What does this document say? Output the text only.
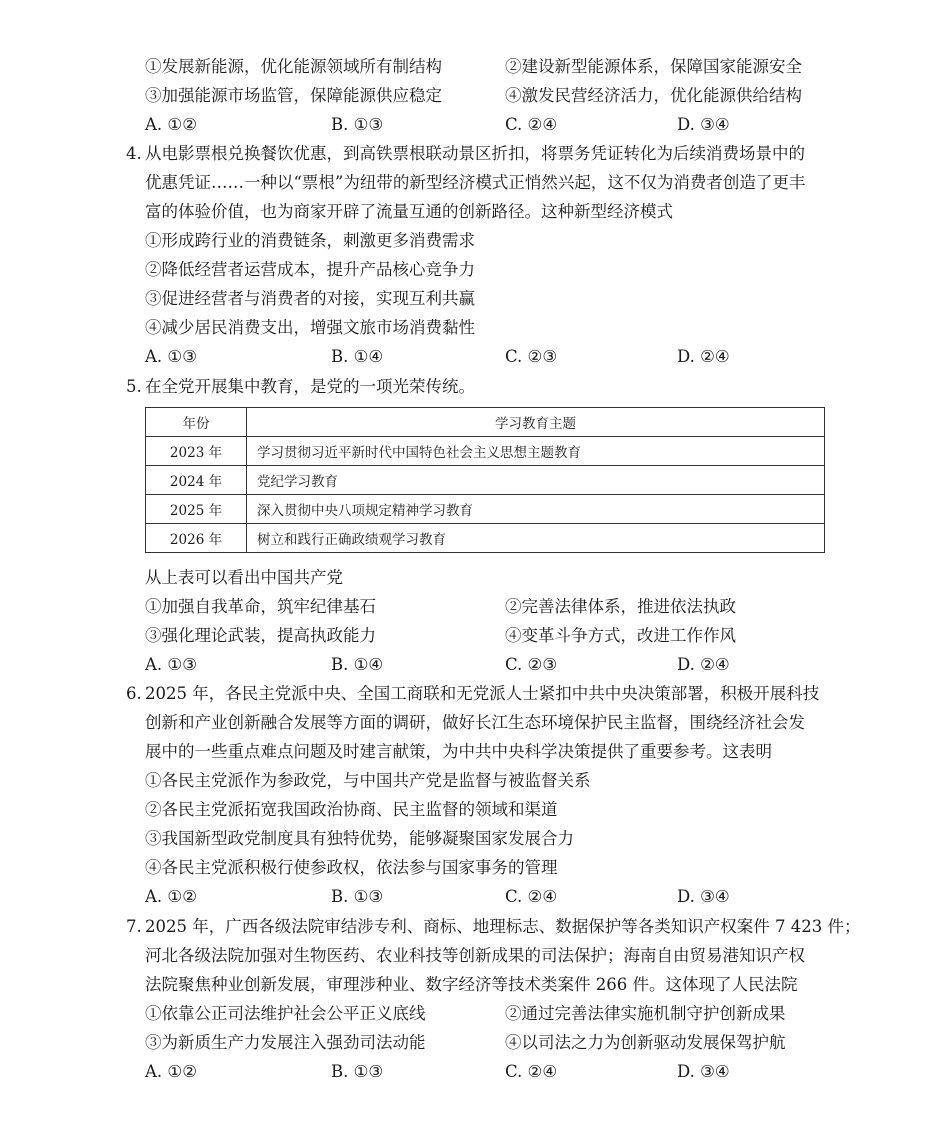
①发展新能源，优化能源领域所有制结构	②建设新型能源体系，保障国家能源安全
③加强能源市场监管，保障能源供应稳定	④激发民营经济活力，优化能源供给结构
A. ①②	B. ①③	C. ②④	D. ③④
4. 从电影票根兑换餐饮优惠，到高铁票根联动景区折扣，将票务凭证转化为后续消费场景中的
优惠凭证……一种以“票根”为纽带的新型经济模式正悄然兴起，这不仅为消费者创造了更丰
富的体验价值，也为商家开辟了流量互通的创新路径。这种新型经济模式
①形成跨行业的消费链条，刺激更多消费需求
②降低经营者运营成本，提升产品核心竞争力
③促进经营者与消费者的对接，实现互利共赢
④减少居民消费支出，增强文旅市场消费黏性
A. ①③	B. ①④	C. ②③	D. ②④
5. 在全党开展集中教育，是党的一项光荣传统。
年份	学习教育主题
2023 年	学习贯彻习近平新时代中国特色社会主义思想主题教育
2024 年	党纪学习教育
2025 年	深入贯彻中央八项规定精神学习教育
2026 年	树立和践行正确政绩观学习教育
从上表可以看出中国共产党
①加强自我革命，筑牢纪律基石	②完善法律体系，推进依法执政
③强化理论武装，提高执政能力	④变革斗争方式，改进工作作风
A. ①③	B. ①④	C. ②③	D. ②④
6. 2025 年，各民主党派中央、全国工商联和无党派人士紧扣中共中央决策部署，积极开展科技
创新和产业创新融合发展等方面的调研，做好长江生态环境保护民主监督，围绕经济社会发
展中的一些重点难点问题及时建言献策，为中共中央科学决策提供了重要参考。这表明
①各民主党派作为参政党，与中国共产党是监督与被监督关系
②各民主党派拓宽我国政治协商、民主监督的领域和渠道
③我国新型政党制度具有独特优势，能够凝聚国家发展合力
④各民主党派积极行使参政权，依法参与国家事务的管理
A. ①②	B. ①③	C. ②④	D. ③④
7. 2025 年，广西各级法院审结涉专利、商标、地理标志、数据保护等各类知识产权案件 7 423 件；
河北各级法院加强对生物医药、农业科技等创新成果的司法保护；海南自由贸易港知识产权
法院聚焦种业创新发展，审理涉种业、数字经济等技术类案件 266 件。这体现了人民法院
①依靠公正司法维护社会公平正义底线	②通过完善法律实施机制守护创新成果
③为新质生产力发展注入强劲司法动能	④以司法之力为创新驱动发展保驾护航
A. ①②	B. ①③	C. ②④	D. ③④
